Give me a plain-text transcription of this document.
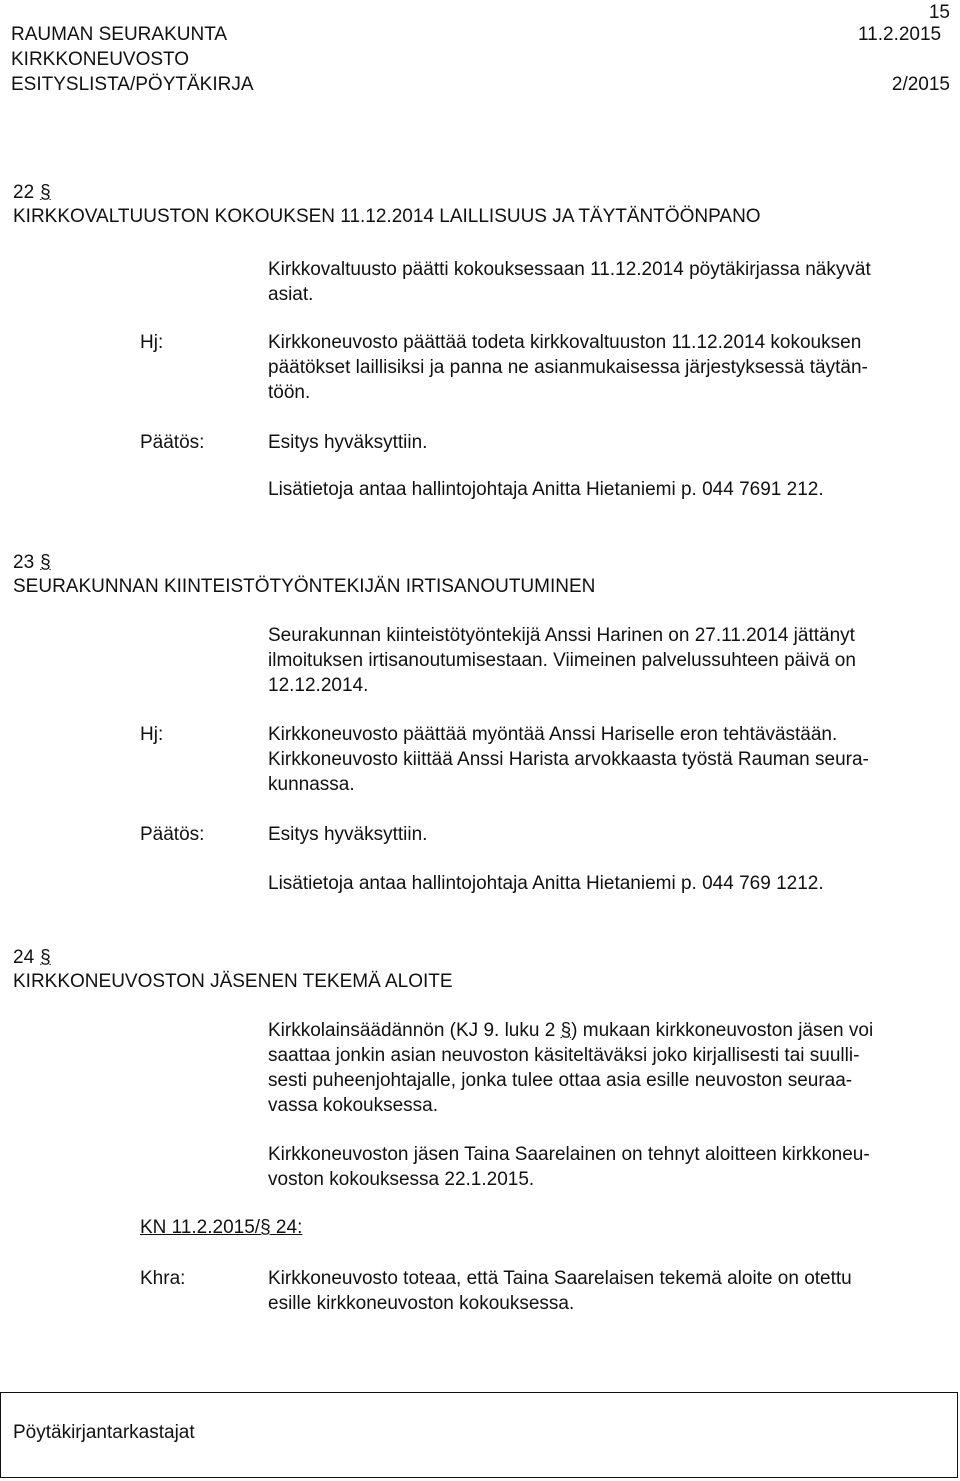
15
RAUMAN SEURAKUNTA	11.2.2015
KIRKKONEUVOSTO
ESITYSLISTA/PÖYTÄKIRJA	2/2015
22 §
KIRKKOVALTUUSTON KOKOUKSEN 11.12.2014 LAILLISUUS JA TÄYTÄNTÖÖNPANO
Kirkkovaltuusto päätti kokouksessaan 11.12.2014 pöytäkirjassa näkyvät
asiat.
Hj:	Kirkkoneuvosto päättää todeta kirkkovaltuuston 11.12.2014 kokouksen
päätökset laillisiksi ja panna ne asianmukaisessa järjestyksessä täytän-
töön.
Päätös:	Esitys hyväksyttiin.
Lisätietoja antaa hallintojohtaja Anitta Hietaniemi p. 044 7691 212.
23 §
SEURAKUNNAN KIINTEISTÖTYÖNTEKIJÄN IRTISANOUTUMINEN
Seurakunnan kiinteistötyöntekijä Anssi Harinen on 27.11.2014 jättänyt
ilmoituksen irtisanoutumisestaan. Viimeinen palvelussuhteen päivä on
12.12.2014.
Hj:	Kirkkoneuvosto päättää myöntää Anssi Hariselle eron tehtävästään.
Kirkkoneuvosto kiittää Anssi Harista arvokkaasta työstä Rauman seura-
kunnassa.
Päätös:	Esitys hyväksyttiin.
Lisätietoja antaa hallintojohtaja Anitta Hietaniemi p. 044 769 1212.
24 §
KIRKKONEUVOSTON JÄSENEN TEKEMÄ ALOITE
Kirkkolainsäädännön (KJ 9. luku 2 §) mukaan kirkkoneuvoston jäsen voi
saattaa jonkin asian neuvoston käsiteltäväksi joko kirjallisesti tai suulli-
sesti puheenjohtajalle, jonka tulee ottaa asia esille neuvoston seuraa-
vassa kokouksessa.
Kirkkoneuvoston jäsen Taina Saarelainen on tehnyt aloitteen kirkkoneu-
voston kokouksessa 22.1.2015.
KN 11.2.2015/§ 24:
Khra:	Kirkkoneuvosto toteaa, että Taina Saarelaisen tekemä aloite on otettu
esille kirkkoneuvoston kokouksessa.
Pöytäkirjantarkastajat
